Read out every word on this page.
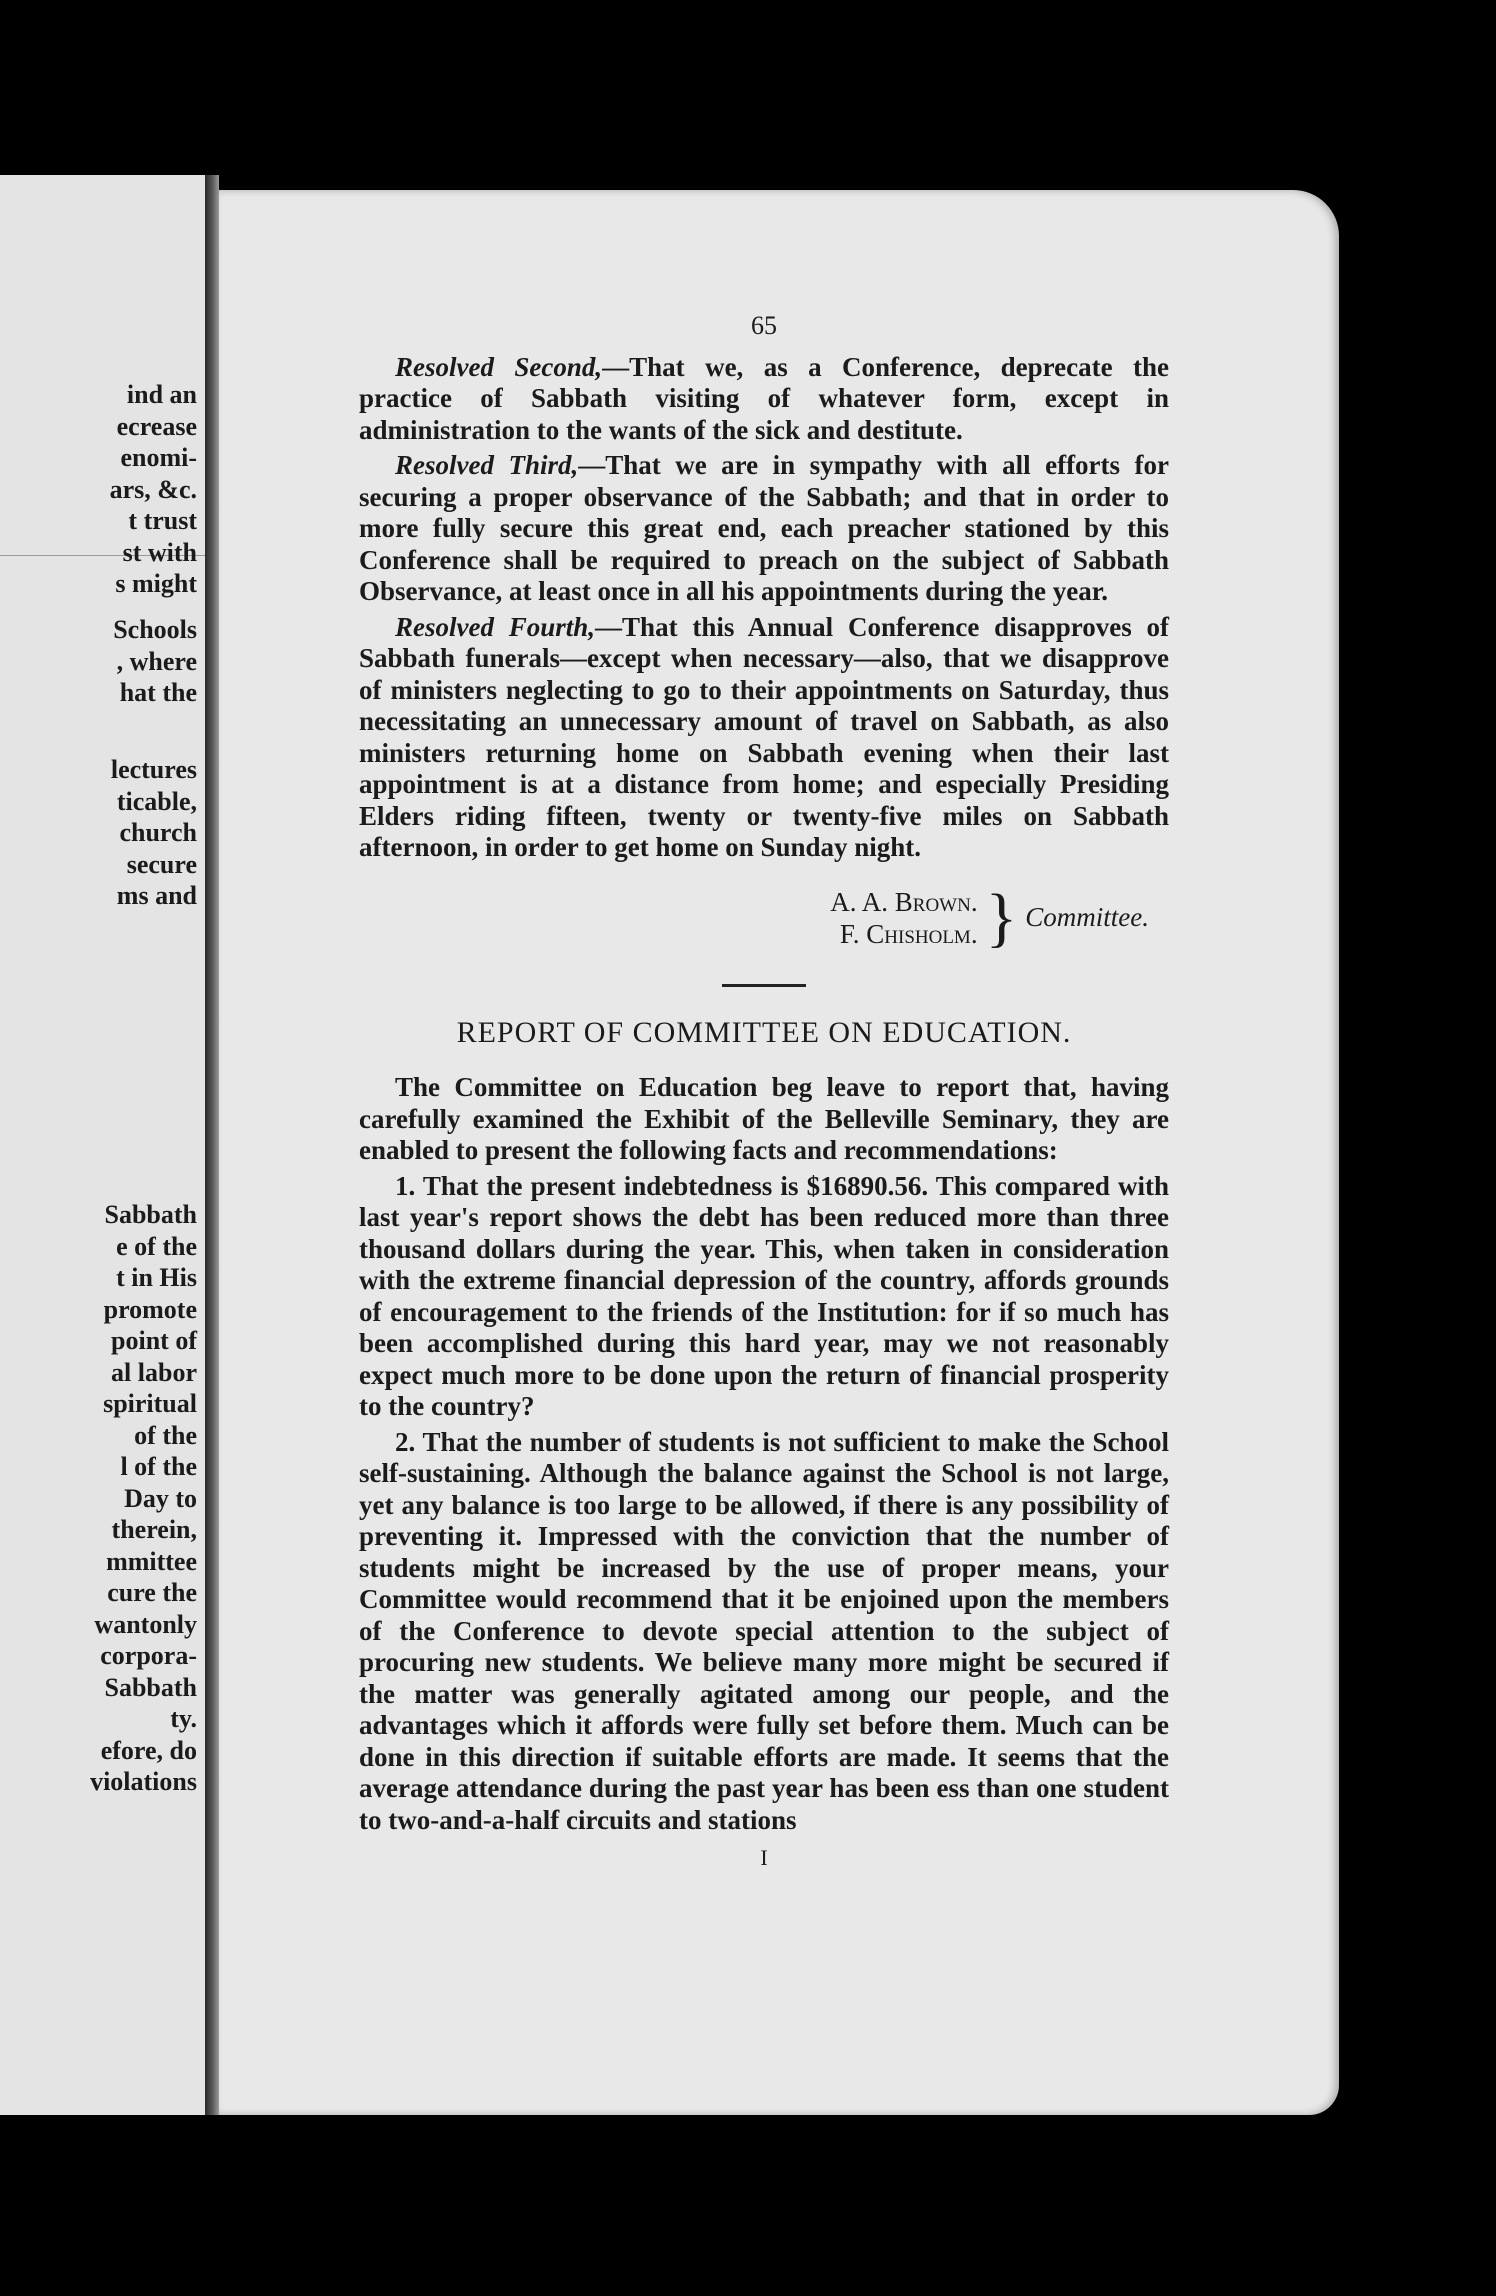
ind an
ecrease
enomi-
ars, &c.
t trust
st with
s might
Schools
, where
hat the
lectures
ticable,
church
secure
ms and
Sabbath
e of the
t in His
promote
point of
al labor
spiritual
of the
l of the
Day to
therein,
mmittee
cure the
wantonly
corpora-
Sabbath
ty.
efore, do
violations
65

Resolved Second,—That we, as a Conference, deprecate the practice of Sabbath visiting of whatever form, except in administration to the wants of the sick and destitute.

Resolved Third,—That we are in sympathy with all efforts for securing a proper observance of the Sabbath; and that in order to more fully secure this great end, each preacher stationed by this Conference shall be required to preach on the subject of Sabbath Observance, at least once in all his appointments during the year.

Resolved Fourth,—That this Annual Conference disapproves of Sabbath funerals—except when necessary—also, that we disapprove of ministers neglecting to go to their appointments on Saturday, thus necessitating an unnecessary amount of travel on Sabbath, as also ministers returning home on Sabbath evening when their last appointment is at a distance from home; and especially Presiding Elders riding fifteen, twenty or twenty-five miles on Sabbath afternoon, in order to get home on Sunday night.

A. A. Brown.
F. Chisholm. } Committee.
REPORT OF COMMITTEE ON EDUCATION.

The Committee on Education beg leave to report that, having carefully examined the Exhibit of the Belleville Seminary, they are enabled to present the following facts and recommendations:

1. That the present indebtedness is $16890.56. This compared with last year's report shows the debt has been reduced more than three thousand dollars during the year. This, when taken in consideration with the extreme financial depression of the country, affords grounds of encouragement to the friends of the Institution: for if so much has been accomplished during this hard year, may we not reasonably expect much more to be done upon the return of financial prosperity to the country?

2. That the number of students is not sufficient to make the School self-sustaining. Although the balance against the School is not large, yet any balance is too large to be allowed, if there is any possibility of preventing it. Impressed with the conviction that the number of students might be increased by the use of proper means, your Committee would recommend that it be enjoined upon the members of the Conference to devote special attention to the subject of procuring new students. We believe many more might be secured if the matter was generally agitated among our people, and the advantages which it affords were fully set before them. Much can be done in this direction if suitable efforts are made. It seems that the average attendance during the past year has been ess than one student to two-and-a-half circuits and stations

I
